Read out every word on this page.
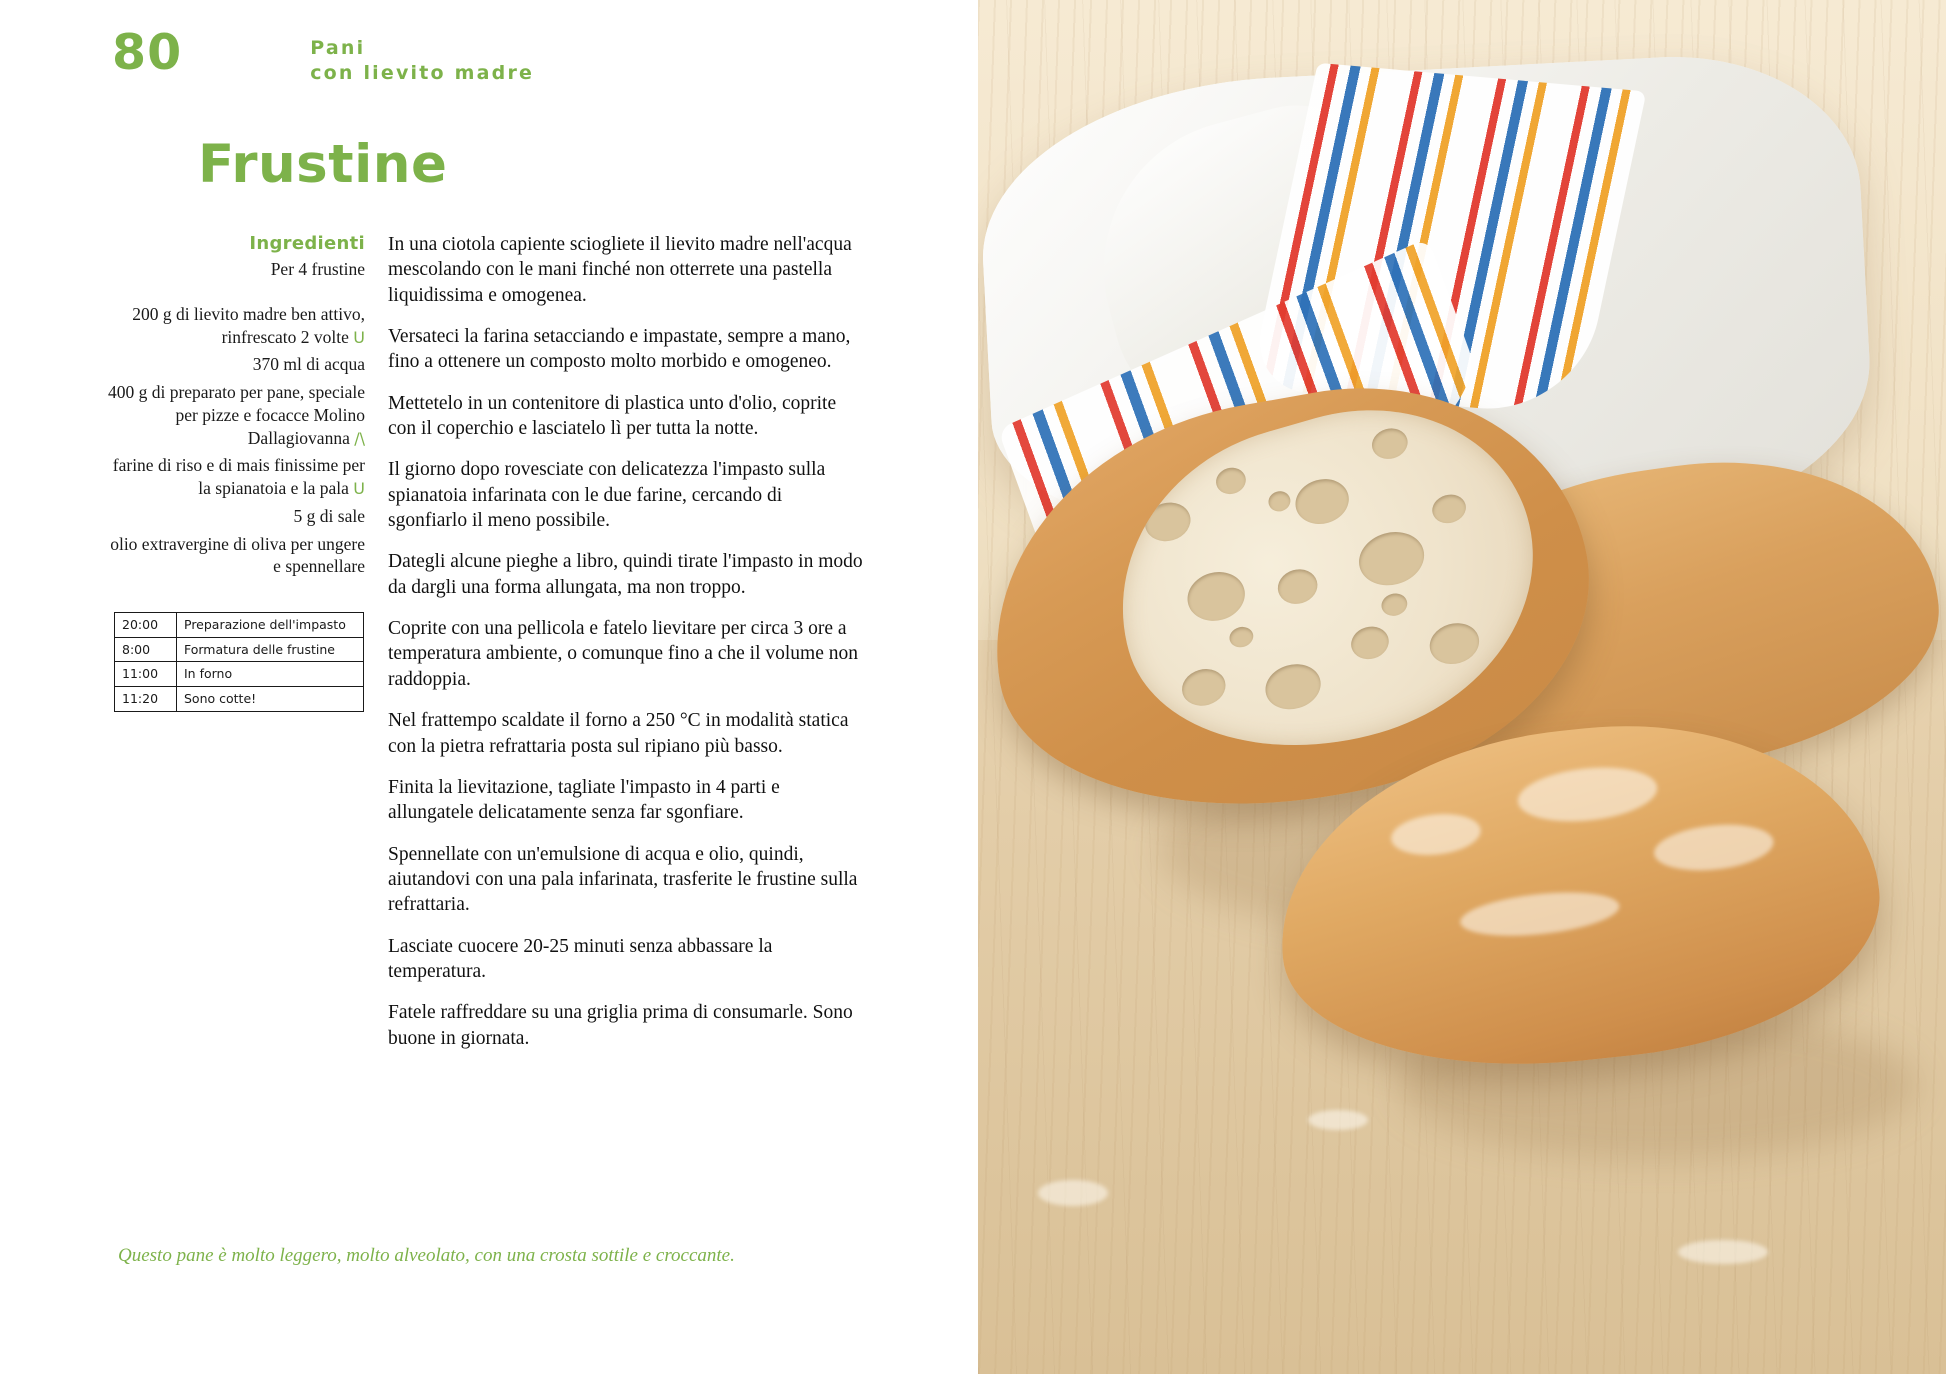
80	Pani
con lievito madre
Frustine
Ingredienti
Per 4 frustine
200 g di lievito madre ben attivo, rinfrescato 2 volte U
370 ml di acqua
400 g di preparato per pane, speciale per pizze e focacce Molino Dallagiovanna /\
farine di riso e di mais finissime per la spianatoia e la pala U
5 g di sale
olio extravergine di oliva per ungere e spennellare
20:00	Preparazione dell'impasto
8:00	Formatura delle frustine
11:00	In forno
11:20	Sono cotte!

In una ciotola capiente sciogliete il lievito madre nell'acqua mescolando con le mani finché non otterrete una pastella liquidissima e omogenea.

Versateci la farina setacciando e impastate, sempre a mano, fino a ottenere un composto molto morbido e omogeneo.

Mettetelo in un contenitore di plastica unto d'olio, coprite con il coperchio e lasciatelo lì per tutta la notte.

Il giorno dopo rovesciate con delicatezza l'impasto sulla spianatoia infarinata con le due farine, cercando di sgonfiarlo il meno possibile.

Dategli alcune pieghe a libro, quindi tirate l'impasto in modo da dargli una forma allungata, ma non troppo.

Coprite con una pellicola e fatelo lievitare per circa 3 ore a temperatura ambiente, o comunque fino a che il volume non raddoppia.

Nel frattempo scaldate il forno a 250 °C in modalità statica con la pietra refrattaria posta sul ripiano più basso.

Finita la lievitazione, tagliate l'impasto in 4 parti e allungatele delicatamente senza far sgonfiare.

Spennellate con un'emulsione di acqua e olio, quindi, aiutandovi con una pala infarinata, trasferite le frustine sulla refrattaria.

Lasciate cuocere 20-25 minuti senza abbassare la temperatura.

Fatele raffreddare su una griglia prima di consumarle. Sono buone in giornata.

Questo pane è molto leggero, molto alveolato, con una crosta sottile e croccante.
